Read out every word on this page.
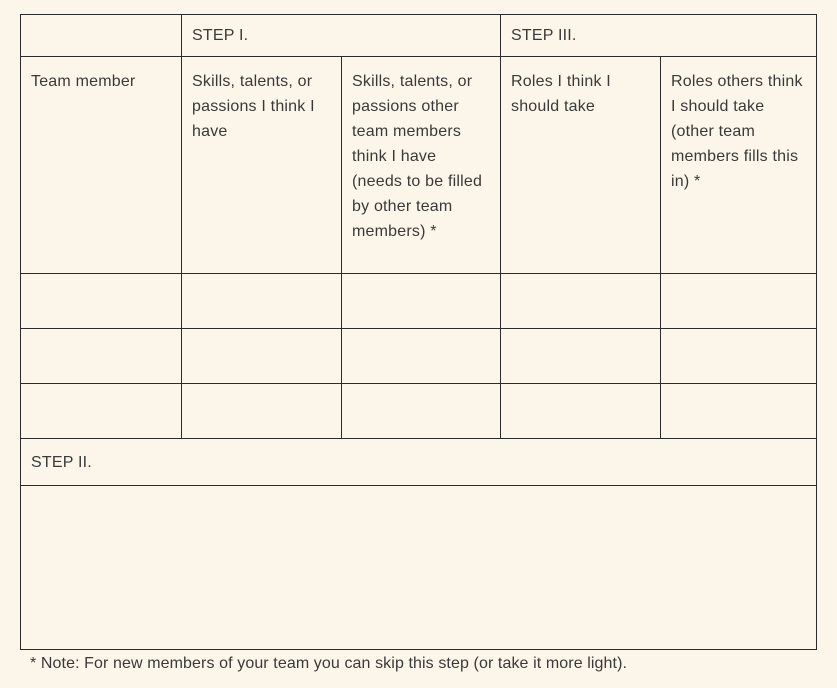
	STEP I.		STEP III.	
Team member	Skills, talents, or passions I think I have	Skills, talents, or passions other team members think I have (needs to be filled by other team members) *	Roles I think I should take	Roles others think I should take (other team members fills this in) *

STEP II.				

* Note: For new members of your team you can skip this step (or take it more light).
